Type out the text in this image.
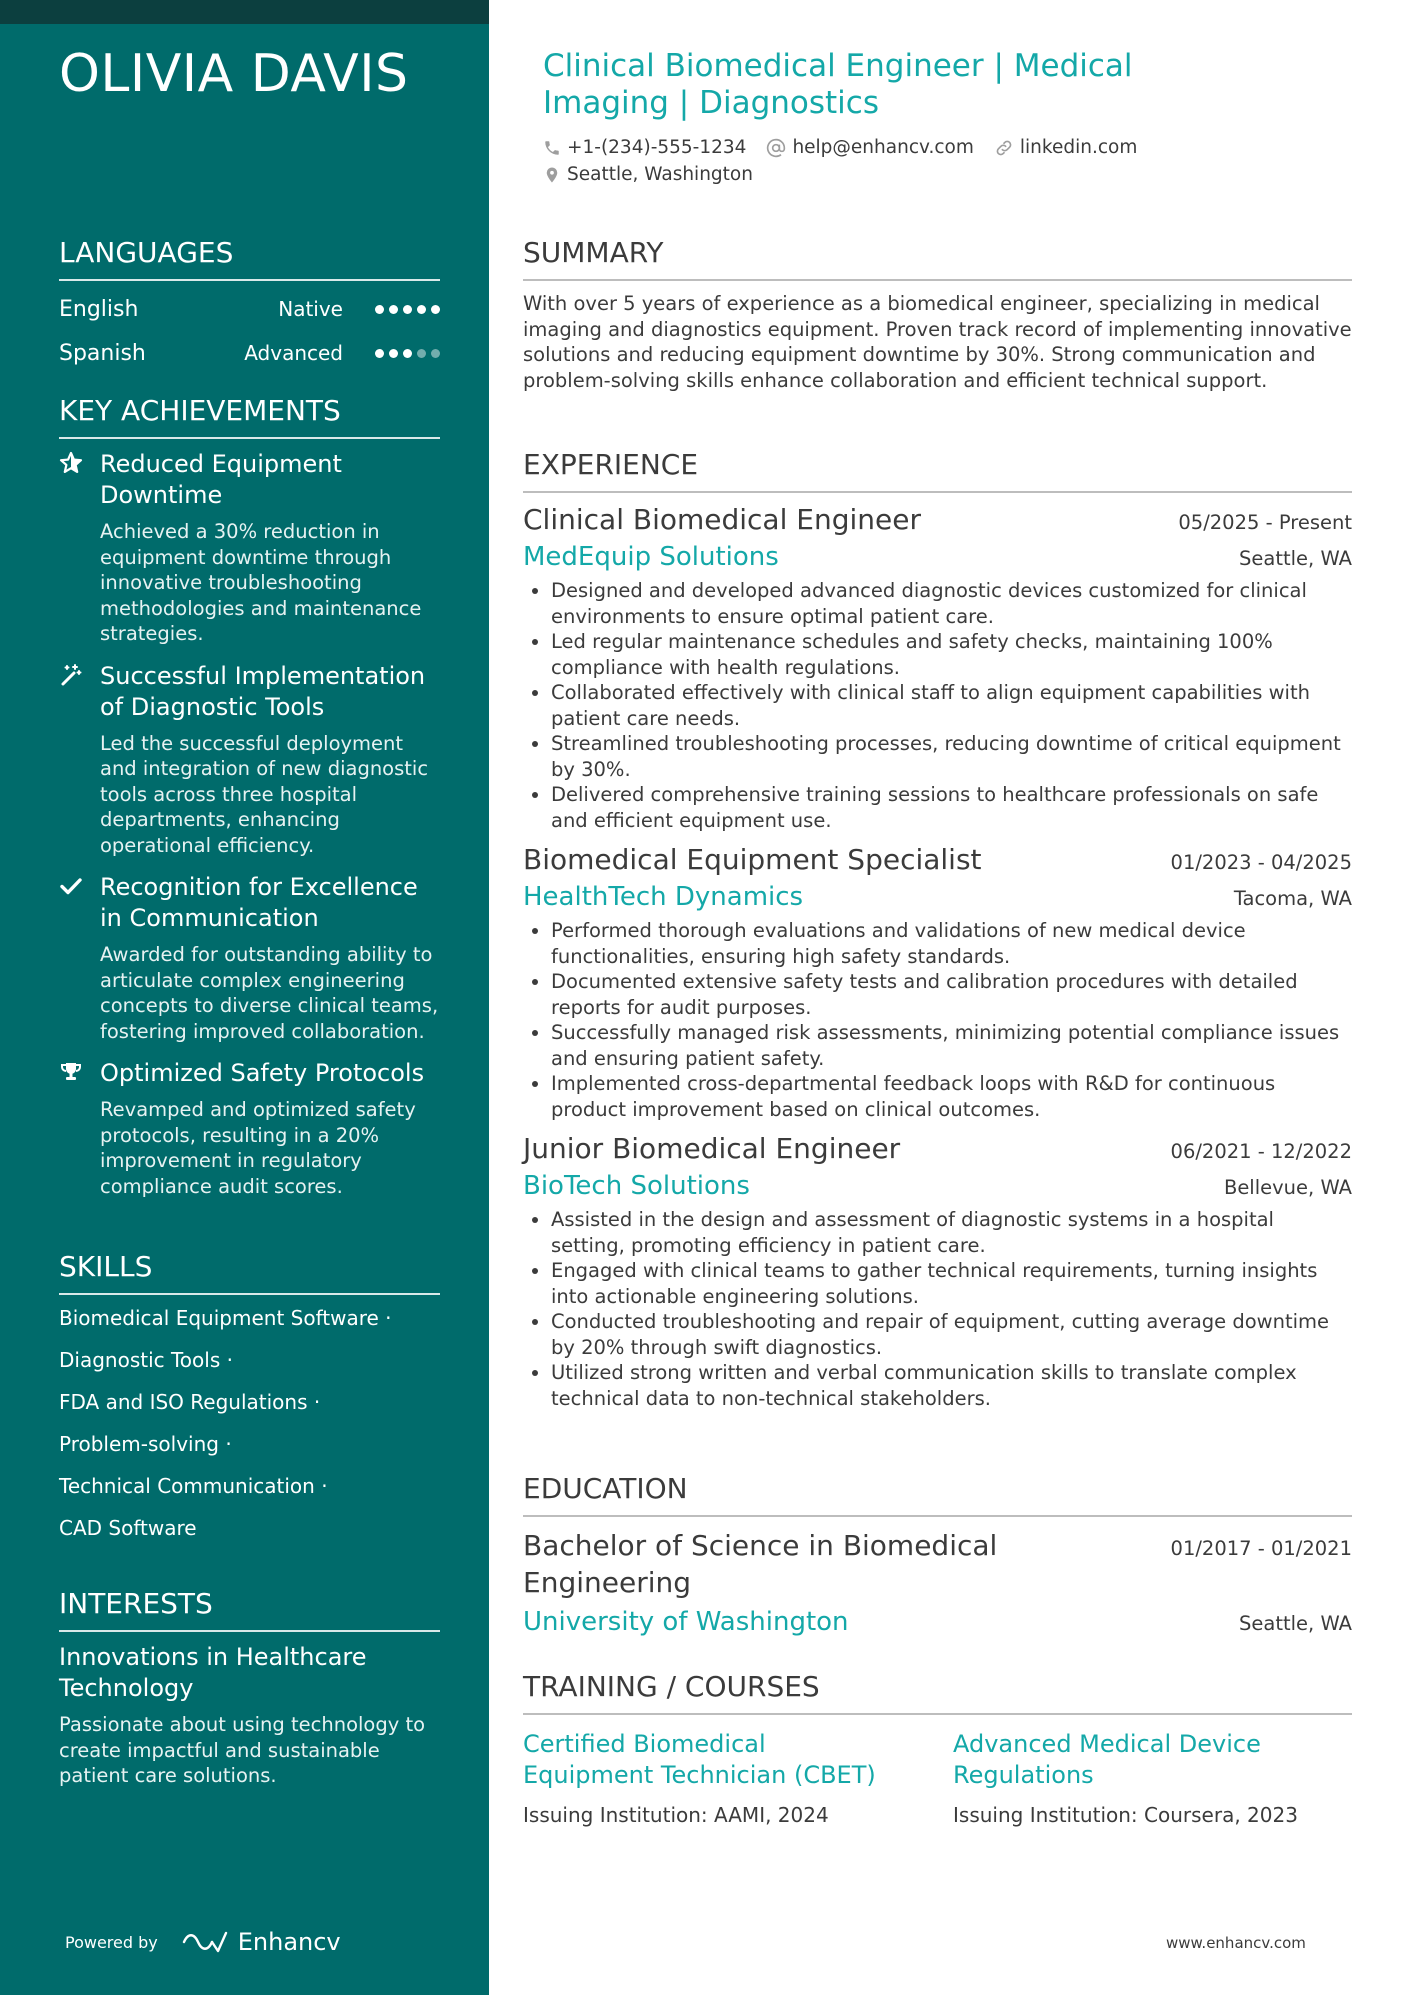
OLIVIA DAVIS
LANGUAGES
English	Native
Spanish	Advanced
KEY ACHIEVEMENTS
Reduced Equipment Downtime
Achieved a 30% reduction in equipment downtime through innovative troubleshooting methodologies and maintenance strategies.
Successful Implementation of Diagnostic Tools
Led the successful deployment and integration of new diagnostic tools across three hospital departments, enhancing operational efficiency.
Recognition for Excellence in Communication
Awarded for outstanding ability to articulate complex engineering concepts to diverse clinical teams, fostering improved collaboration.
Optimized Safety Protocols
Revamped and optimized safety protocols, resulting in a 20% improvement in regulatory compliance audit scores.
SKILLS
Biomedical Equipment Software ·
Diagnostic Tools ·
FDA and ISO Regulations ·
Problem-solving ·
Technical Communication ·
CAD Software
INTERESTS
Innovations in Healthcare Technology
Passionate about using technology to create impactful and sustainable patient care solutions.
Powered by	Enhancv
Clinical Biomedical Engineer | Medical Imaging | Diagnostics
+1-(234)-555-1234 help@enhancv.com linkedin.com
Seattle, Washington
SUMMARY
With over 5 years of experience as a biomedical engineer, specializing in medical imaging and diagnostics equipment. Proven track record of implementing innovative solutions and reducing equipment downtime by 30%. Strong communication and problem-solving skills enhance collaboration and efficient technical support.
EXPERIENCE
Clinical Biomedical Engineer	05/2025 - Present
MedEquip Solutions	Seattle, WA
• Designed and developed advanced diagnostic devices customized for clinical environments to ensure optimal patient care.
• Led regular maintenance schedules and safety checks, maintaining 100% compliance with health regulations.
• Collaborated effectively with clinical staff to align equipment capabilities with patient care needs.
• Streamlined troubleshooting processes, reducing downtime of critical equipment by 30%.
• Delivered comprehensive training sessions to healthcare professionals on safe and efficient equipment use.
Biomedical Equipment Specialist	01/2023 - 04/2025
HealthTech Dynamics	Tacoma, WA
• Performed thorough evaluations and validations of new medical device functionalities, ensuring high safety standards.
• Documented extensive safety tests and calibration procedures with detailed reports for audit purposes.
• Successfully managed risk assessments, minimizing potential compliance issues and ensuring patient safety.
• Implemented cross-departmental feedback loops with R&D for continuous product improvement based on clinical outcomes.
Junior Biomedical Engineer	06/2021 - 12/2022
BioTech Solutions	Bellevue, WA
• Assisted in the design and assessment of diagnostic systems in a hospital setting, promoting efficiency in patient care.
• Engaged with clinical teams to gather technical requirements, turning insights into actionable engineering solutions.
• Conducted troubleshooting and repair of equipment, cutting average downtime by 20% through swift diagnostics.
• Utilized strong written and verbal communication skills to translate complex technical data to non-technical stakeholders.
EDUCATION
Bachelor of Science in Biomedical Engineering
01/2017 - 01/2021
University of Washington	Seattle, WA
TRAINING / COURSES
Certified Biomedical Equipment Technician (CBET)
Issuing Institution: AAMI, 2024
Advanced Medical Device Regulations
Issuing Institution: Coursera, 2023
www.enhancv.com
